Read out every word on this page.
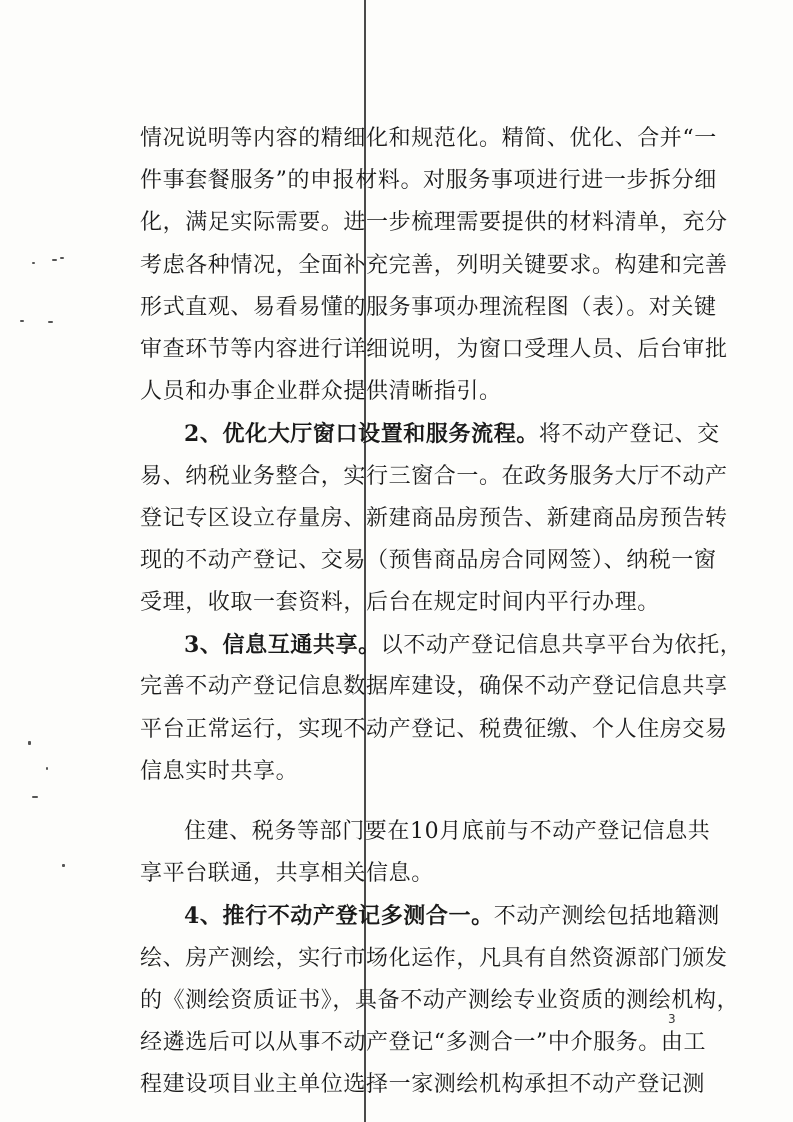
情况说明等内容的精细化和规范化。精简、优化、合并“一
件事套餐服务”的申报材料。对服务事项进行进一步拆分细
化，满足实际需要。进一步梳理需要提供的材料清单，充分
考虑各种情况，全面补充完善，列明关键要求。构建和完善
形式直观、易看易懂的服务事项办理流程图（表）。对关键
审查环节等内容进行详细说明，为窗口受理人员、后台审批
人员和办事企业群众提供清晰指引。
2、优化大厅窗口设置和服务流程。将不动产登记、交
易、纳税业务整合，实行三窗合一。在政务服务大厅不动产
登记专区设立存量房、新建商品房预告、新建商品房预告转
现的不动产登记、交易（预售商品房合同网签）、纳税一窗
受理，收取一套资料，后台在规定时间内平行办理。
3、信息互通共享。以不动产登记信息共享平台为依托，
完善不动产登记信息数据库建设，确保不动产登记信息共享
平台正常运行，实现不动产登记、税费征缴、个人住房交易
信息实时共享。
住建、税务等部门要在10月底前与不动产登记信息共
享平台联通，共享相关信息。
4、推行不动产登记多测合一。不动产测绘包括地籍测
绘、房产测绘，实行市场化运作，凡具有自然资源部门颁发
的《测绘资质证书》，具备不动产测绘专业资质的测绘机构，
经遴选后可以从事不动产登记“多测合一”中介服务。由工
程建设项目业主单位选择一家测绘机构承担不动产登记测
3
